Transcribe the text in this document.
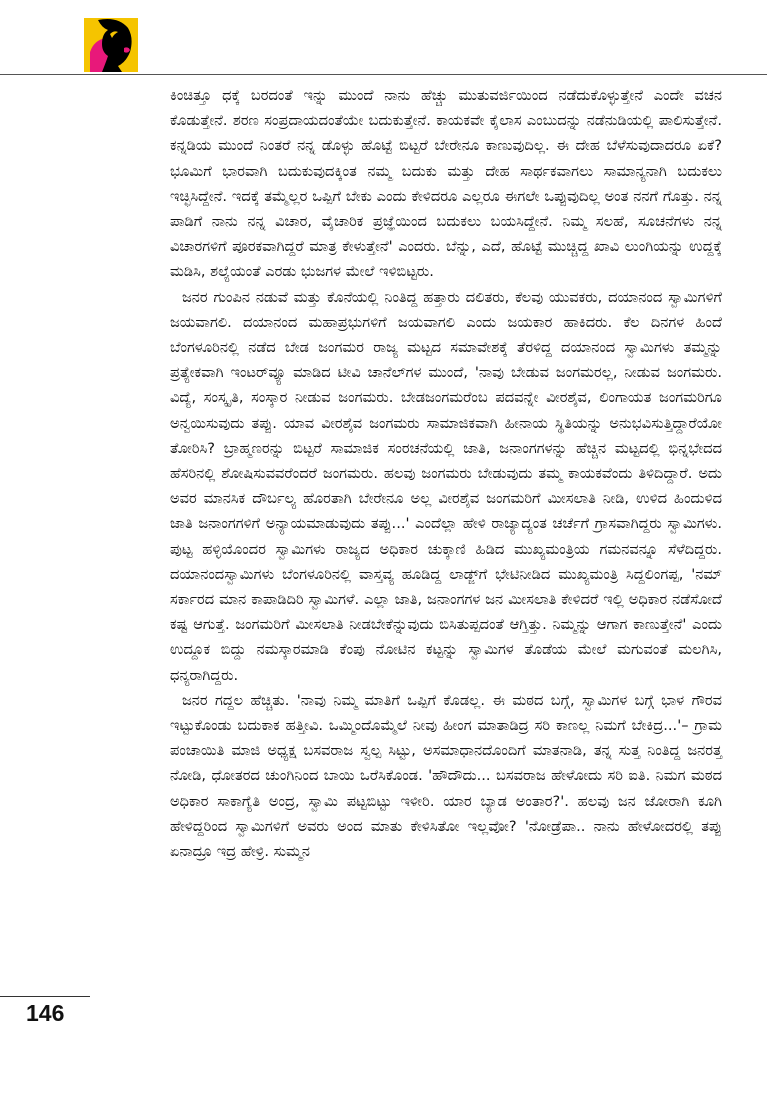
ಕಿಂಚಿತ್ತೂ ಧಕ್ಕೆ ಬರದಂತೆ ಇನ್ನು ಮುಂದೆ ನಾನು ಹೆಚ್ಚು ಮುತುವರ್ಜಿಯಿಂದ ನಡೆದುಕೊಳ್ಳುತ್ತೇನೆ ಎಂದೇ ವಚನ ಕೊಡುತ್ತೇನೆ. ಶರಣ ಸಂಪ್ರದಾಯದಂತೆಯೇ ಬದುಕುತ್ತೇನೆ. ಕಾಯಕವೇ ಕೈಲಾಸ ಎಂಬುದನ್ನು ನಡೆನುಡಿಯಲ್ಲಿ ಪಾಲಿಸುತ್ತೇನೆ. ಕನ್ನಡಿಯ ಮುಂದೆ ನಿಂತರೆ ನನ್ನ ಡೊಳ್ಳು ಹೊಟ್ಟೆ ಬಿಟ್ಟರೆ ಬೇರೇನೂ ಕಾಣುವುದಿಲ್ಲ. ಈ ದೇಹ ಬೆಳೆಸುವುದಾದರೂ ಏಕೆ? ಭೂಮಿಗೆ ಭಾರವಾಗಿ ಬದುಕುವುದಕ್ಕಿಂತ ನಮ್ಮ ಬದುಕು ಮತ್ತು ದೇಹ ಸಾರ್ಥಕವಾಗಲು ಸಾಮಾನ್ಯನಾಗಿ ಬದುಕಲು ಇಚ್ಛಿಸಿದ್ದೇನೆ. ಇದಕ್ಕೆ ತಮ್ಮೆಲ್ಲರ ಒಪ್ಪಿಗೆ ಬೇಕು ಎಂದು ಕೇಳಿದರೂ ಎಲ್ಲರೂ ಈಗಲೇ ಒಪ್ಪುವುದಿಲ್ಲ ಅಂತ ನನಗೆ ಗೊತ್ತು. ನನ್ನ ಪಾಡಿಗೆ ನಾನು ನನ್ನ ವಿಚಾರ, ವೈಚಾರಿಕ ಪ್ರಜ್ಞೆಯಿಂದ ಬದುಕಲು ಬಯಸಿದ್ದೇನೆ. ನಿಮ್ಮ ಸಲಹೆ, ಸೂಚನೆಗಳು ನನ್ನ ವಿಚಾರಗಳಿಗೆ ಪೂರಕವಾಗಿದ್ದರೆ ಮಾತ್ರ ಕೇಳುತ್ತೇನೆ' ಎಂದರು. ಬೆನ್ನು, ಎದೆ, ಹೊಟ್ಟೆ ಮುಚ್ಚಿದ್ದ ಖಾವಿ ಲುಂಗಿಯನ್ನು ಉದ್ದಕ್ಕೆ ಮಡಿಸಿ, ಶಲ್ಯೆಯಂತೆ ಎರಡು ಭುಜಗಳ ಮೇಲೆ ಇಳಿಬಿಟ್ಟರು.

ಜನರ ಗುಂಪಿನ ನಡುವೆ ಮತ್ತು ಕೊನೆಯಲ್ಲಿ ನಿಂತಿದ್ದ ಹತ್ತಾರು ದಲಿತರು, ಕೆಲವು ಯುವಕರು, ದಯಾನಂದ ಸ್ವಾಮಿಗಳಿಗೆ ಜಯವಾಗಲಿ. ದಯಾನಂದ ಮಹಾಪ್ರಭುಗಳಿಗೆ ಜಯವಾಗಲಿ ಎಂದು ಜಯಕಾರ ಹಾಕಿದರು. ಕೆಲ ದಿನಗಳ ಹಿಂದೆ ಬೆಂಗಳೂರಿನಲ್ಲಿ ನಡೆದ ಬೇಡ ಜಂಗಮರ ರಾಜ್ಯ ಮಟ್ಟದ ಸಮಾವೇಶಕ್ಕೆ ತೆರಳಿದ್ದ ದಯಾನಂದ ಸ್ವಾಮಿಗಳು ತಮ್ಮನ್ನು ಪ್ರತ್ಯೇಕವಾಗಿ ಇಂಟರ್‌ವ್ಯೂ ಮಾಡಿದ ಟೀವಿ ಚಾನೆಲ್‌ಗಳ ಮುಂದೆ, 'ನಾವು ಬೇಡುವ ಜಂಗಮರಲ್ಲ, ನೀಡುವ ಜಂಗಮರು. ವಿದ್ಯೆ, ಸಂಸ್ಕೃತಿ, ಸಂಸ್ಕಾರ ನೀಡುವ ಜಂಗಮರು. ಬೇಡಜಂಗಮರೆಂಬ ಪದವನ್ನೇ ವೀರಶೈವ, ಲಿಂಗಾಯತ ಜಂಗಮರಿಗೂ ಅನ್ವಯಿಸುವುದು ತಪ್ಪು. ಯಾವ ವೀರಶೈವ ಜಂಗಮರು ಸಾಮಾಜಿಕವಾಗಿ ಹೀನಾಯ ಸ್ಥಿತಿಯನ್ನು ಅನುಭವಿಸುತ್ತಿದ್ದಾರೆಯೋ ತೋರಿಸಿ? ಬ್ರಾಹ್ಮಣರನ್ನು ಬಿಟ್ಟರೆ ಸಾಮಾಜಿಕ ಸಂರಚನೆಯಲ್ಲಿ ಜಾತಿ, ಜನಾಂಗಗಳನ್ನು ಹೆಚ್ಚಿನ ಮಟ್ಟದಲ್ಲಿ ಭಿನ್ನಭೇದದ ಹೆಸರಿನಲ್ಲಿ ಶೋಷಿಸುವವರೆಂದರೆ ಜಂಗಮರು. ಹಲವು ಜಂಗಮರು ಬೇಡುವುದು ತಮ್ಮ ಕಾಯಕವೆಂದು ತಿಳಿದಿದ್ದಾರೆ. ಅದು ಅವರ ಮಾನಸಿಕ ದೌರ್ಬಲ್ಯ ಹೊರತಾಗಿ ಬೇರೇನೂ ಅಲ್ಲ ವೀರಶೈವ ಜಂಗಮರಿಗೆ ಮೀಸಲಾತಿ ನೀಡಿ, ಉಳಿದ ಹಿಂದುಳಿದ ಜಾತಿ ಜನಾಂಗಗಳಿಗೆ ಅನ್ಯಾಯಮಾಡುವುದು ತಪ್ಪು...' ಎಂದೆಲ್ಲಾ ಹೇಳಿ ರಾಜ್ಯಾದ್ಯಂತ ಚರ್ಚೆಗೆ ಗ್ರಾಸವಾಗಿದ್ದರು ಸ್ವಾಮಿಗಳು. ಪುಟ್ಟ ಹಳ್ಳಿಯೊಂದರ ಸ್ವಾಮಿಗಳು ರಾಜ್ಯದ ಅಧಿಕಾರ ಚುಕ್ಕಾಣಿ ಹಿಡಿದ ಮುಖ್ಯಮಂತ್ರಿಯ ಗಮನವನ್ನೂ ಸೆಳೆದಿದ್ದರು. ದಯಾನಂದಸ್ವಾಮಿಗಳು ಬೆಂಗಳೂರಿನಲ್ಲಿ ವಾಸ್ತವ್ಯ ಹೂಡಿದ್ದ ಲಾಡ್ಜ್‌ಗೆ ಭೇಟಿನೀಡಿದ ಮುಖ್ಯಮಂತ್ರಿ ಸಿದ್ದಲಿಂಗಪ್ಪ, 'ನಮ್ ಸರ್ಕಾರದ ಮಾನ ಕಾಪಾಡಿದಿರಿ ಸ್ವಾಮಿಗಳೆ. ಎಲ್ಲಾ ಜಾತಿ, ಜನಾಂಗಗಳ ಜನ ಮೀಸಲಾತಿ ಕೇಳಿದರೆ ಇಲ್ಲಿ ಅಧಿಕಾರ ನಡೆಸೋದೆ ಕಷ್ಟ ಆಗುತ್ತೆ. ಜಂಗಮರಿಗೆ ಮೀಸಲಾತಿ ನೀಡಬೇಕೆನ್ನುವುದು ಬಿಸಿತುಪ್ಪದಂತೆ ಆಗ್ತಿತ್ತು. ನಿಮ್ಮನ್ನು ಆಗಾಗ ಕಾಣುತ್ತೇನೆ' ಎಂದು ಉದ್ದೂಕ ಬಿದ್ದು ನಮಸ್ಕಾರಮಾಡಿ ಕೆಂಪು ನೋಟಿನ ಕಟ್ಟನ್ನು ಸ್ವಾಮಿಗಳ ತೊಡೆಯ ಮೇಲೆ ಮಗುವಂತೆ ಮಲಗಿಸಿ, ಧನ್ಯರಾಗಿದ್ದರು.

ಜನರ ಗದ್ದಲ ಹೆಚ್ಚಿತು. 'ನಾವು ನಿಮ್ಮ ಮಾತಿಗೆ ಒಪ್ಪಿಗೆ ಕೊಡಲ್ಲ. ಈ ಮಠದ ಬಗ್ಗೆ, ಸ್ವಾಮಿಗಳ ಬಗ್ಗೆ ಭಾಳ ಗೌರವ ಇಟ್ಟುಕೊಂಡು ಬದುಕಾಕ ಹತ್ತೀವಿ. ಒಮ್ಮಿಂದೊಮ್ಮೆಲೆ ನೀವು ಹೀಂಗ ಮಾತಾಡಿದ್ರ ಸರಿ ಕಾಣಲ್ಲ ನಿಮಗೆ ಬೇಕಿದ್ರ...'– ಗ್ರಾಮ ಪಂಚಾಯಿತಿ ಮಾಜಿ ಅಧ್ಯಕ್ಷ ಬಸವರಾಜ ಸ್ವಲ್ಪ ಸಿಟ್ಟು, ಅಸಮಾಧಾನದೊಂದಿಗೆ ಮಾತನಾಡಿ, ತನ್ನ ಸುತ್ತ ನಿಂತಿದ್ದ ಜನರತ್ತ ನೋಡಿ, ಧೋತರದ ಚುಂಗಿನಿಂದ ಬಾಯಿ ಒರೆಸಿಕೊಂಡ. 'ಹೌದೌದು... ಬಸವರಾಜ ಹೇಳೋದು ಸರಿ ಐತಿ. ನಿಮಗ ಮಠದ ಅಧಿಕಾರ ಸಾಕಾಗ್ಯೆತಿ ಅಂದ್ರ, ಸ್ವಾಮಿ ಪಟ್ಟಬಿಟ್ಟು ಇಳೀರಿ. ಯಾರ ಬ್ಯಾಡ ಅಂತಾರ?'. ಹಲವು ಜನ ಜೋರಾಗಿ ಕೂಗಿ ಹೇಳಿದ್ದರಿಂದ ಸ್ವಾಮಿಗಳಿಗೆ ಅವರು ಅಂದ ಮಾತು ಕೇಳಿಸಿತೋ ಇಲ್ಲವೋ? 'ನೋಡ್ರೆಪಾ.. ನಾನು ಹೇಳೋದರಲ್ಲಿ ತಪ್ಪು ಏನಾದ್ರೂ ಇದ್ರ ಹೇಳ್ರಿ. ಸುಮ್ಮನ

146
